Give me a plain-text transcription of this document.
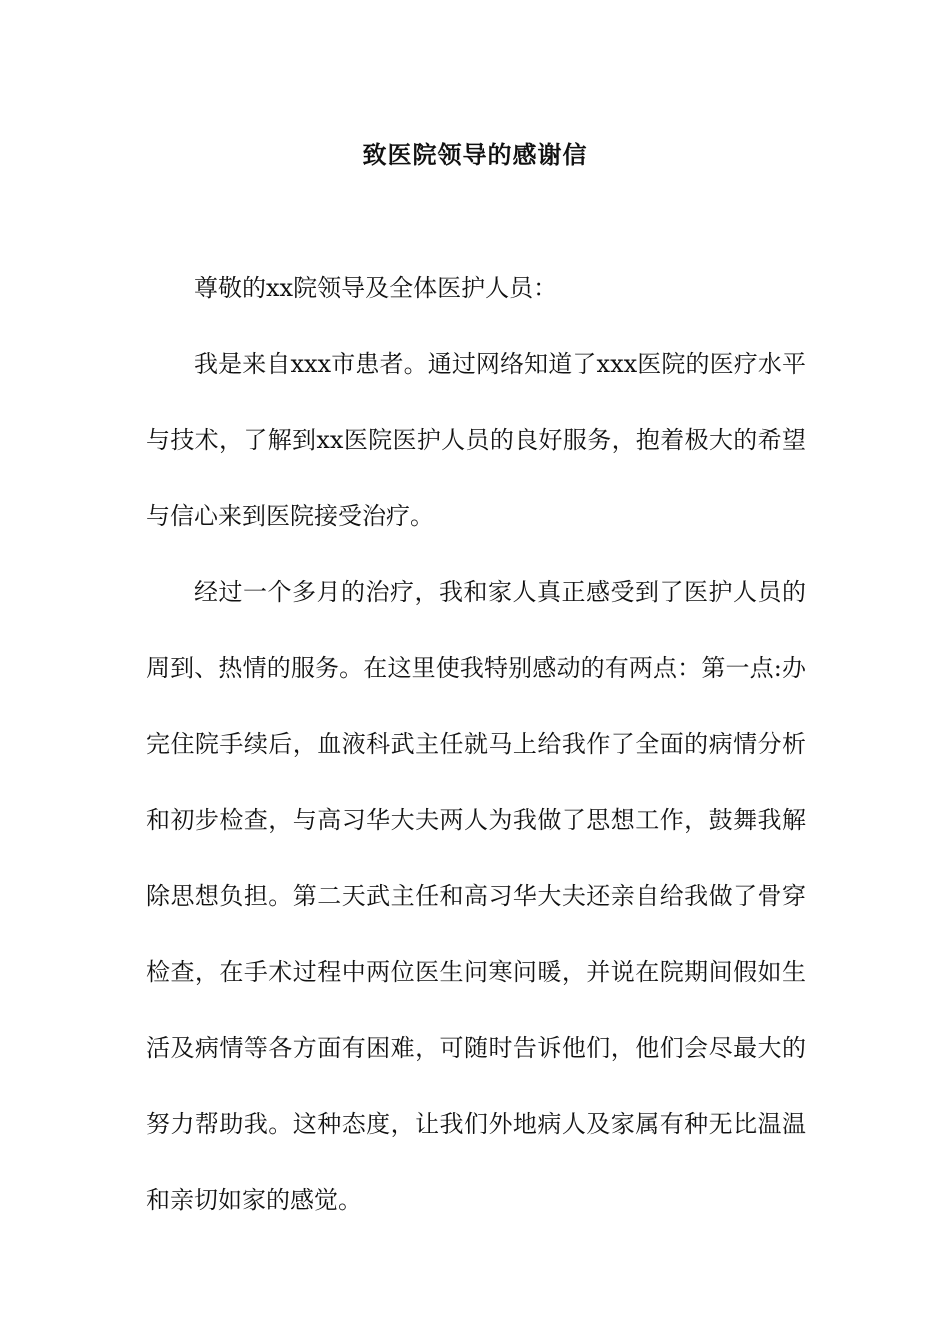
致医院领导的感谢信

尊敬的xx院领导及全体医护人员：

我是来自xxx市患者。通过网络知道了xxx医院的医疗水平与技术，了解到xx医院医护人员的良好服务，抱着极大的希望与信心来到医院接受治疗。

经过一个多月的治疗，我和家人真正感受到了医护人员的周到、热情的服务。在这里使我特别感动的有两点：第一点:办完住院手续后，血液科武主任就马上给我作了全面的病情分析和初步检查，与高习华大夫两人为我做了思想工作，鼓舞我解除思想负担。第二天武主任和高习华大夫还亲自给我做了骨穿检查，在手术过程中两位医生问寒问暖，并说在院期间假如生活及病情等各方面有困难，可随时告诉他们，他们会尽最大的努力帮助我。这种态度，让我们外地病人及家属有种无比温温和亲切如家的感觉。
